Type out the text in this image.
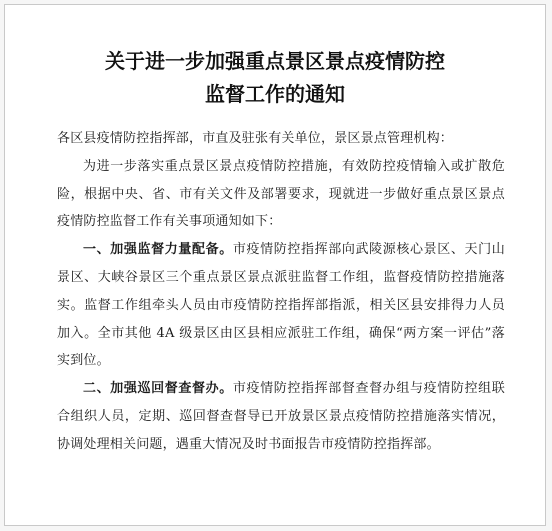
关于进一步加强重点景区景点疫情防控
监督工作的通知

各区县疫情防控指挥部，市直及驻张有关单位，景区景点管理机构：

为进一步落实重点景区景点疫情防控措施，有效防控疫情输入或扩散危险，根据中央、省、市有关文件及部署要求，现就进一步做好重点景区景点疫情防控监督工作有关事项通知如下：

一、加强监督力量配备。市疫情防控指挥部向武陵源核心景区、天门山景区、大峡谷景区三个重点景区景点派驻监督工作组，监督疫情防控措施落实。监督工作组牵头人员由市疫情防控指挥部指派，相关区县安排得力人员加入。全市其他 4A 级景区由区县相应派驻工作组，确保“两方案一评估”落实到位。

二、加强巡回督查督办。市疫情防控指挥部督查督办组与疫情防控组联合组织人员，定期、巡回督查督导已开放景区景点疫情防控措施落实情况，协调处理相关问题，遇重大情况及时书面报告市疫情防控指挥部。
